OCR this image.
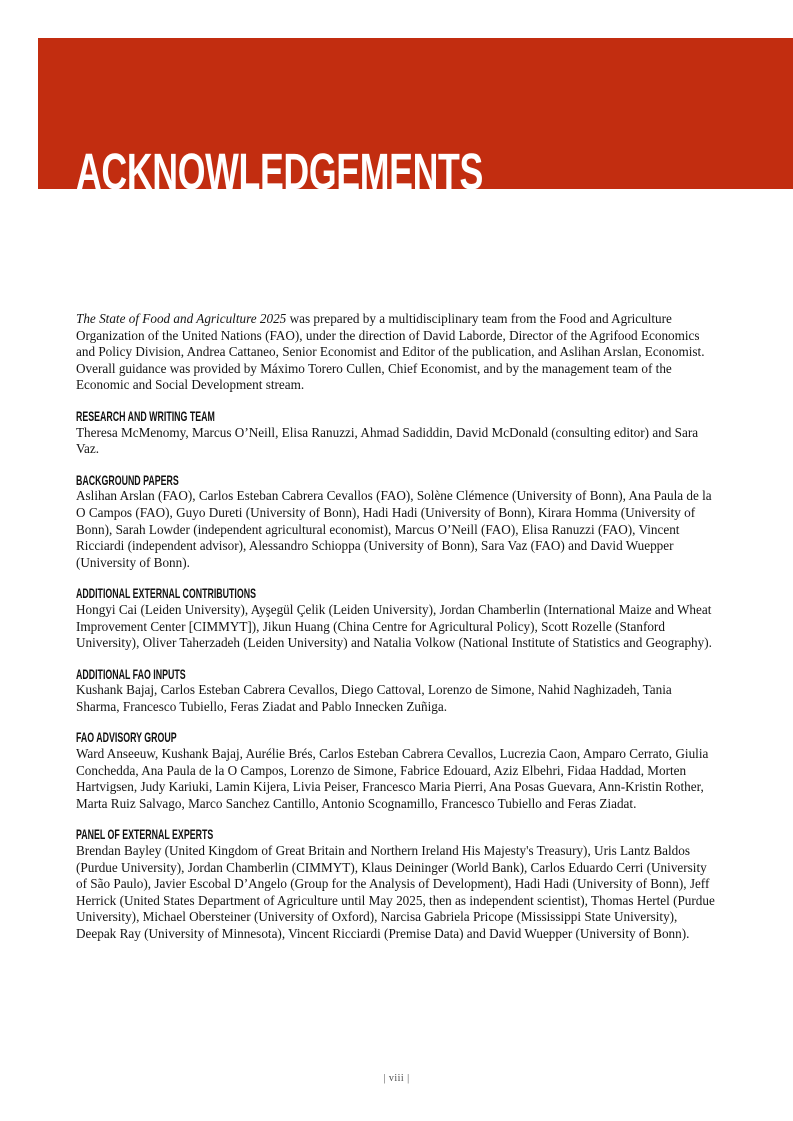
ACKNOWLEDGEMENTS

The State of Food and Agriculture 2025 was prepared by a multidisciplinary team from the Food and Agriculture Organization of the United Nations (FAO), under the direction of David Laborde, Director of the Agrifood Economics and Policy Division, Andrea Cattaneo, Senior Economist and Editor of the publication, and Aslihan Arslan, Economist. Overall guidance was provided by Máximo Torero Cullen, Chief Economist, and by the management team of the Economic and Social Development stream.

RESEARCH AND WRITING TEAM

Theresa McMenomy, Marcus O’Neill, Elisa Ranuzzi, Ahmad Sadiddin, David McDonald (consulting editor) and Sara Vaz.

BACKGROUND PAPERS

Aslihan Arslan (FAO), Carlos Esteban Cabrera Cevallos (FAO), Solène Clémence (University of Bonn), Ana Paula de la O Campos (FAO), Guyo Dureti (University of Bonn), Hadi Hadi (University of Bonn), Kirara Homma (University of Bonn), Sarah Lowder (independent agricultural economist), Marcus O’Neill (FAO), Elisa Ranuzzi (FAO), Vincent Ricciardi (independent advisor), Alessandro Schioppa (University of Bonn), Sara Vaz (FAO) and David Wuepper (University of Bonn).

ADDITIONAL EXTERNAL CONTRIBUTIONS

Hongyi Cai (Leiden University), Ayşegül Çelik (Leiden University), Jordan Chamberlin (International Maize and Wheat Improvement Center [CIMMYT]), Jikun Huang (China Centre for Agricultural Policy), Scott Rozelle (Stanford University), Oliver Taherzadeh (Leiden University) and Natalia Volkow (National Institute of Statistics and Geography).

ADDITIONAL FAO INPUTS

Kushank Bajaj, Carlos Esteban Cabrera Cevallos, Diego Cattoval, Lorenzo de Simone, Nahid Naghizadeh, Tania Sharma, Francesco Tubiello, Feras Ziadat and Pablo Innecken Zuñiga.

FAO ADVISORY GROUP

Ward Anseeuw, Kushank Bajaj, Aurélie Brés, Carlos Esteban Cabrera Cevallos, Lucrezia Caon, Amparo Cerrato, Giulia Conchedda, Ana Paula de la O Campos, Lorenzo de Simone, Fabrice Edouard, Aziz Elbehri, Fidaa Haddad, Morten Hartvigsen, Judy Kariuki, Lamin Kijera, Livia Peiser, Francesco Maria Pierri, Ana Posas Guevara, Ann-Kristin Rother, Marta Ruiz Salvago, Marco Sanchez Cantillo, Antonio Scognamillo, Francesco Tubiello and Feras Ziadat.

PANEL OF EXTERNAL EXPERTS

Brendan Bayley (United Kingdom of Great Britain and Northern Ireland His Majesty's Treasury), Uris Lantz Baldos (Purdue University), Jordan Chamberlin (CIMMYT), Klaus Deininger (World Bank), Carlos Eduardo Cerri (University of São Paulo), Javier Escobal D’Angelo (Group for the Analysis of Development), Hadi Hadi (University of Bonn), Jeff Herrick (United States Department of Agriculture until May 2025, then as independent scientist), Thomas Hertel (Purdue University), Michael Obersteiner (University of Oxford), Narcisa Gabriela Pricope (Mississippi State University), Deepak Ray (University of Minnesota), Vincent Ricciardi (Premise Data) and David Wuepper (University of Bonn).

| viii |
